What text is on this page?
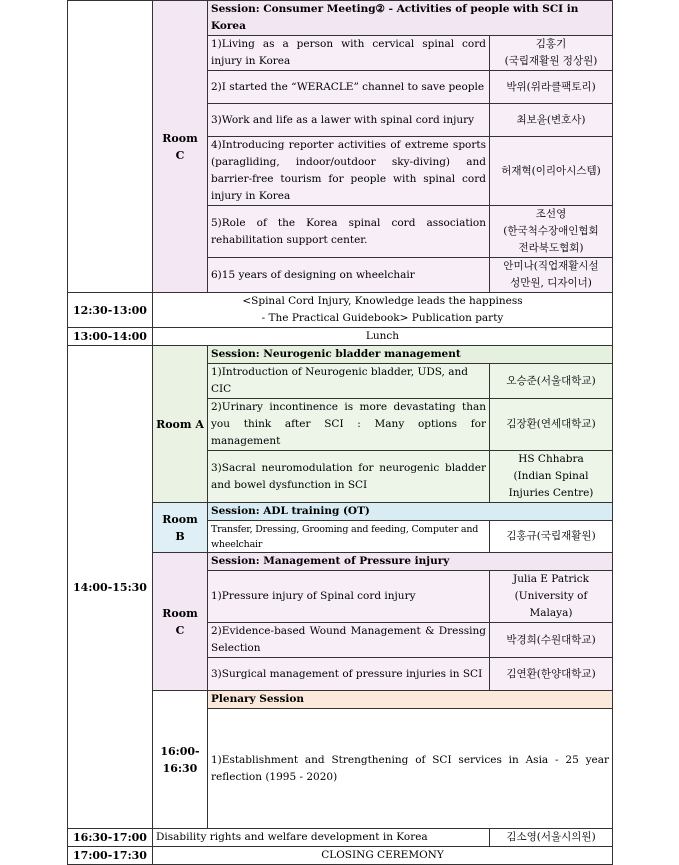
	Room C	Session: Consumer Meeting② - Activities of people with SCI in Korea		
		1)Living as a person with cervical spinal cord injury in Korea	김홍기
(국립재활원 정상원)	
		2)I started the “WERACLE” channel to save people	박위(위라클팩토리)	
		3)Work and life as a lawer with spinal cord injury	최보윤(변호사)	
		4)Introducing reporter activities of extreme sports (paragliding, indoor/outdoor sky-diving) and barrier-free tourism for people with spinal cord injury in Korea	허재혁(이리아시스템)	
		5)Role of the Korea spinal cord association rehabilitation support center.	조선영
(한국척수장애인협회
전라북도협회)	
		6)15 years of designing on wheelchair	안미나(직업재활시설
성만원, 디자이너)	
12:30-13:00	<Spinal Cord Injury, Knowledge leads the happiness
- The Practical Guidebook> Publication party			
13:00-14:00	Lunch			
14:00-15:30	Room A	Session: Neurogenic bladder management		
		1)Introduction of Neurogenic bladder, UDS, and CIC	오승준(서울대학교)	
		2)Urinary incontinence is more devastating than you think after SCI : Many options for management	김장환(연세대학교)	
		3)Sacral neuromodulation for neurogenic bladder and bowel dysfunction in SCI	HS Chhabra
(Indian Spinal
Injuries Centre)	
	Room B	Session: ADL training (OT)		
		Transfer, Dressing, Grooming and feeding, Computer and wheelchair	김홍규(국립재활원)	
	Room C	Session: Management of Pressure injury		
		1)Pressure injury of Spinal cord injury	Julia E Patrick
(University of Malaya)	
		2)Evidence-based Wound Management & Dressing Selection	박경희(수원대학교)	
		3)Surgical management of pressure injuries in SCI	김연환(한양대학교)	
	16:00-16:30	Plenary Session		
		1)Establishment and Strengthening of SCI services in Asia - 25 year reflection (1995 - 2020)	
16:30-17:00	Disability rights and welfare development in Korea		김소영(서울시의원)	
17:00-17:30	CLOSING CEREMONY			
